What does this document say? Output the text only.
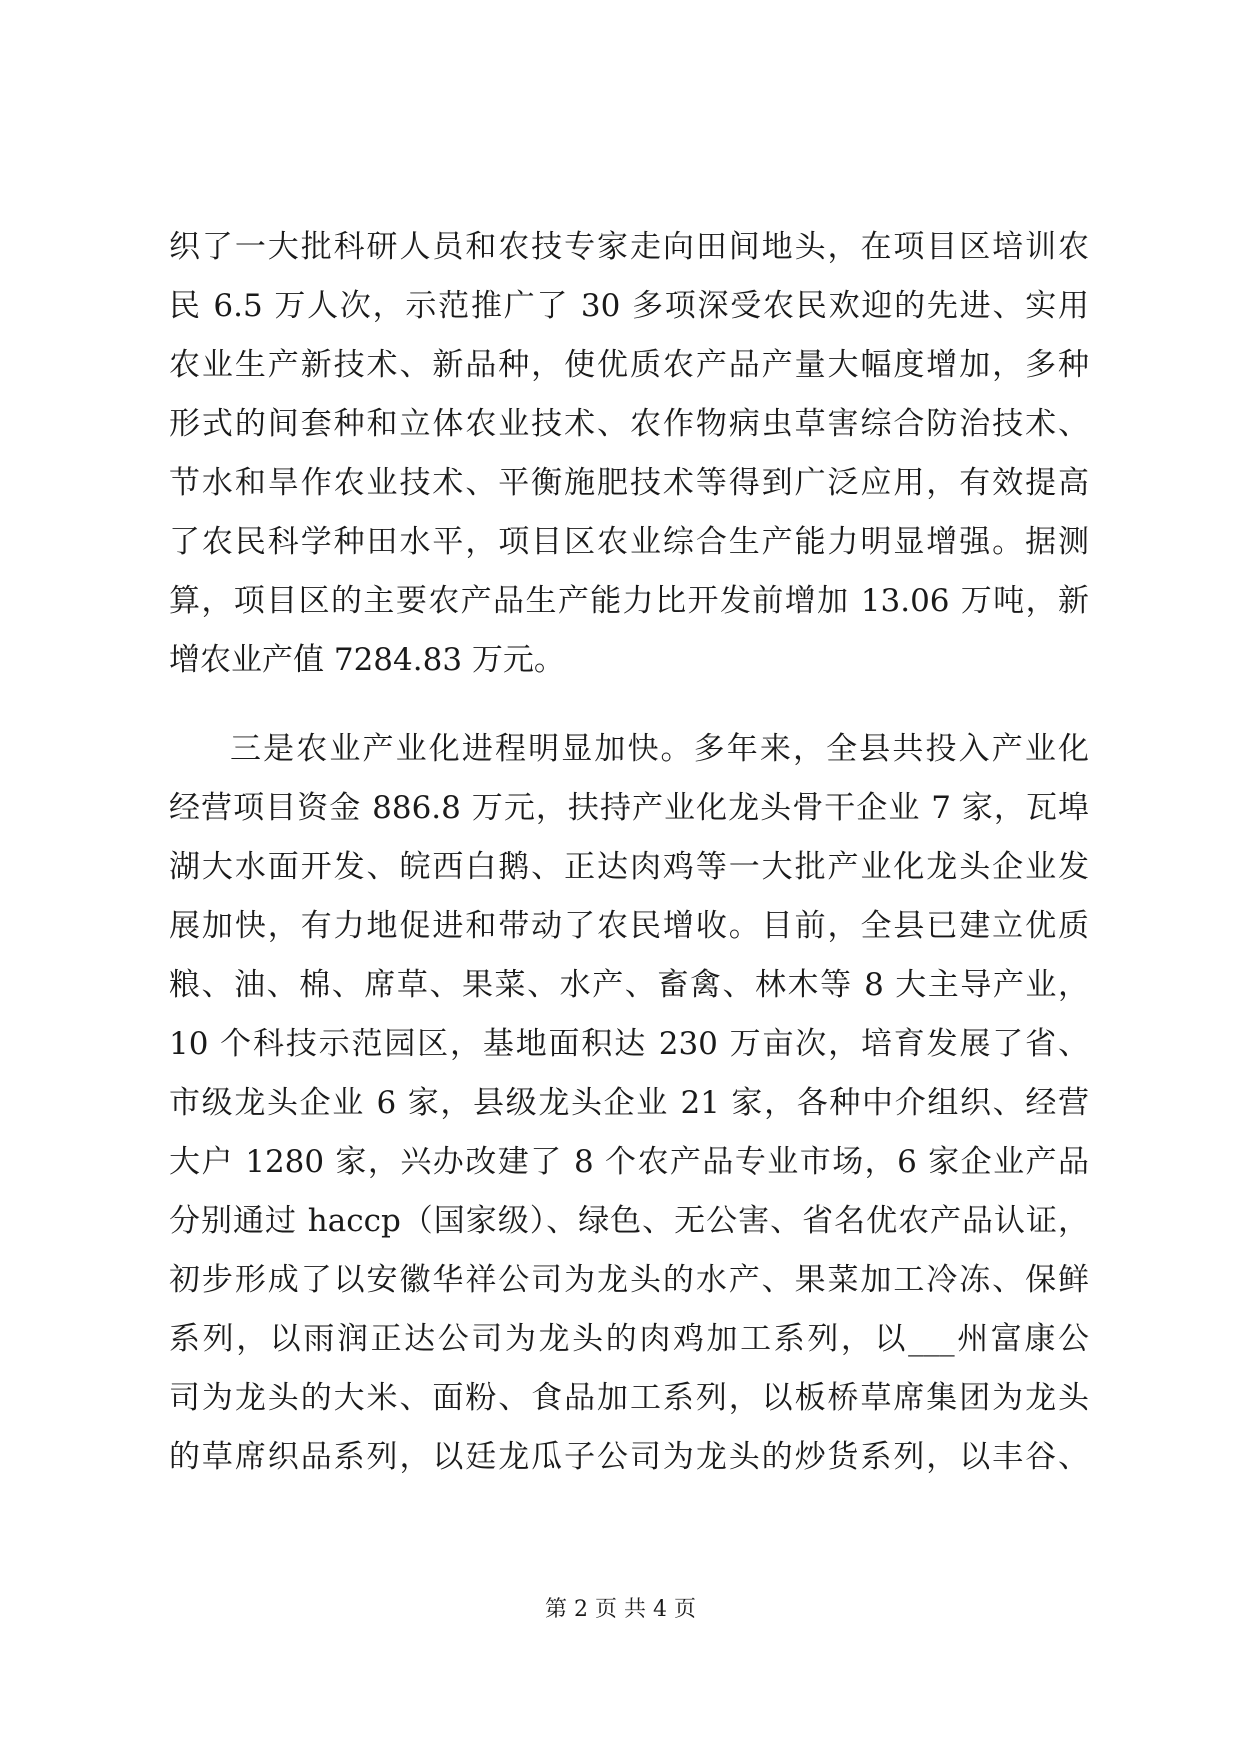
织了一大批科研人员和农技专家走向田间地头，在项目区培训农
民 6.5 万人次，示范推广了 30 多项深受农民欢迎的先进、实用
农业生产新技术、新品种，使优质农产品产量大幅度增加，多种
形式的间套种和立体农业技术、农作物病虫草害综合防治技术、
节水和旱作农业技术、平衡施肥技术等得到广泛应用，有效提高
了农民科学种田水平，项目区农业综合生产能力明显增强。据测
算，项目区的主要农产品生产能力比开发前增加 13.06 万吨，新
增农业产值 7284.83 万元。
三是农业产业化进程明显加快。多年来，全县共投入产业化
经营项目资金 886.8 万元，扶持产业化龙头骨干企业 7 家，瓦埠
湖大水面开发、皖西白鹅、正达肉鸡等一大批产业化龙头企业发
展加快，有力地促进和带动了农民增收。目前，全县已建立优质
粮、油、棉、席草、果菜、水产、畜禽、林木等 8 大主导产业，
10 个科技示范园区，基地面积达 230 万亩次，培育发展了省、
市级龙头企业 6 家，县级龙头企业 21 家，各种中介组织、经营
大户 1280 家，兴办改建了 8 个农产品专业市场，6 家企业产品
分别通过 haccp（国家级）、绿色、无公害、省名优农产品认证，
初步形成了以安徽华祥公司为龙头的水产、果菜加工冷冻、保鲜
系列，以雨润正达公司为龙头的肉鸡加工系列，以___州富康公
司为龙头的大米、面粉、食品加工系列，以板桥草席集团为龙头
的草席织品系列，以廷龙瓜子公司为龙头的炒货系列，以丰谷、
第 2 页 共 4 页
